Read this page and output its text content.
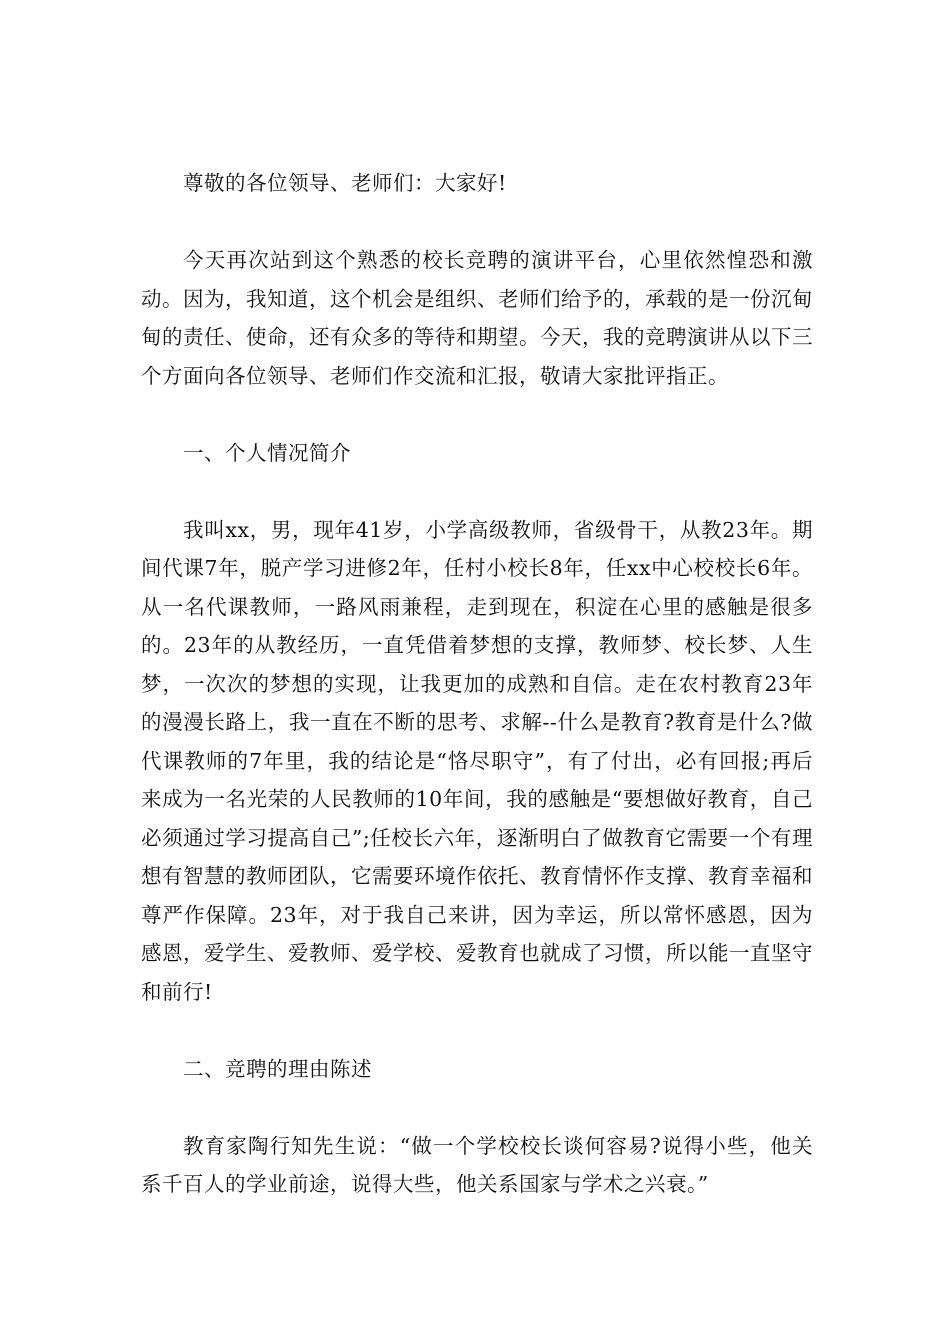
尊敬的各位领导、老师们：大家好!

今天再次站到这个熟悉的校长竞聘的演讲平台，心里依然惶恐和激动。因为，我知道，这个机会是组织、老师们给予的，承载的是一份沉甸甸的责任、使命，还有众多的等待和期望。今天，我的竞聘演讲从以下三个方面向各位领导、老师们作交流和汇报，敬请大家批评指正。

一、个人情况简介

我叫xx，男，现年41岁，小学高级教师，省级骨干，从教23年。期间代课7年，脱产学习进修2年，任村小校长8年，任xx中心校校长6年。从一名代课教师，一路风雨兼程，走到现在，积淀在心里的感触是很多的。23年的从教经历，一直凭借着梦想的支撑，教师梦、校长梦、人生梦，一次次的梦想的实现，让我更加的成熟和自信。走在农村教育23年的漫漫长路上，我一直在不断的思考、求解--什么是教育?教育是什么?做代课教师的7年里，我的结论是“恪尽职守”，有了付出，必有回报;再后来成为一名光荣的人民教师的10年间，我的感触是“要想做好教育，自己必须通过学习提高自己”;任校长六年，逐渐明白了做教育它需要一个有理想有智慧的教师团队，它需要环境作依托、教育情怀作支撑、教育幸福和尊严作保障。23年，对于我自己来讲，因为幸运，所以常怀感恩，因为感恩，爱学生、爱教师、爱学校、爱教育也就成了习惯，所以能一直坚守和前行!

二、竞聘的理由陈述

教育家陶行知先生说：“做一个学校校长谈何容易?说得小些，他关系千百人的学业前途，说得大些，他关系国家与学术之兴衰。”
